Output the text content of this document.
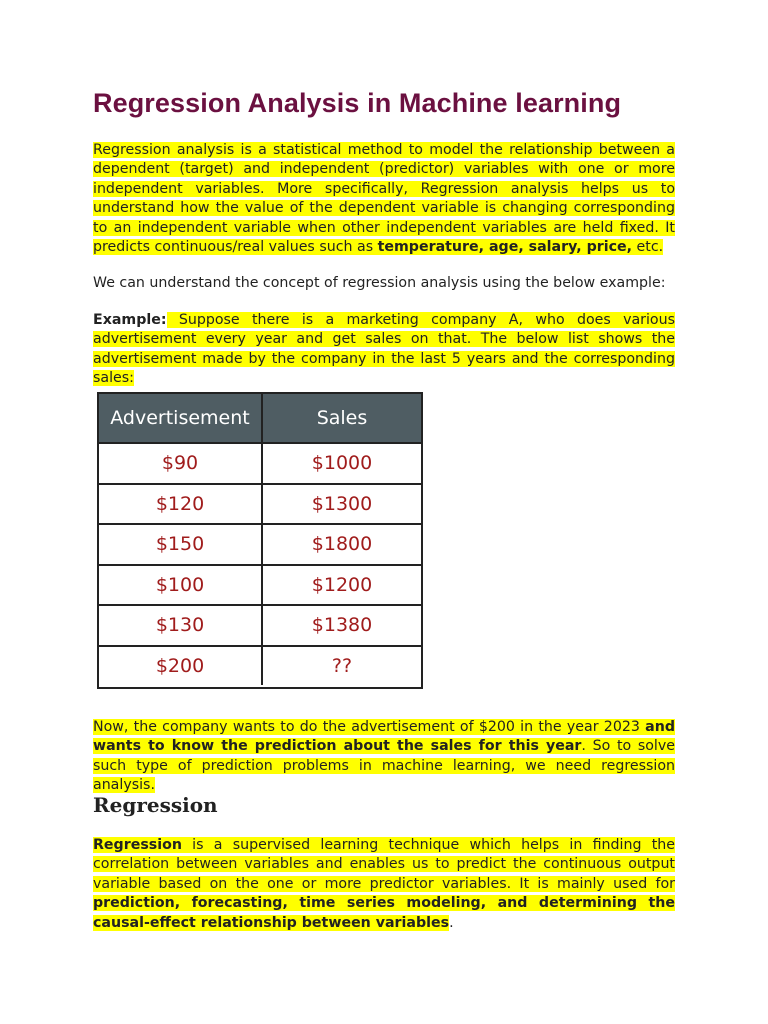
Regression Analysis in Machine learning

Regression analysis is a statistical method to model the relationship between a dependent (target) and independent (predictor) variables with one or more independent variables. More specifically, Regression analysis helps us to understand how the value of the dependent variable is changing corresponding to an independent variable when other independent variables are held fixed. It predicts continuous/real values such as temperature, age, salary, price, etc.

We can understand the concept of regression analysis using the below example:

Example: Suppose there is a marketing company A, who does various advertisement every year and get sales on that. The below list shows the advertisement made by the company in the last 5 years and the corresponding sales:

Advertisement	Sales
$90	$1000
$120	$1300
$150	$1800
$100	$1200
$130	$1380
$200	??

Now, the company wants to do the advertisement of $200 in the year 2023 and wants to know the prediction about the sales for this year. So to solve such type of prediction problems in machine learning, we need regression analysis.

Regression

Regression is a supervised learning technique which helps in finding the correlation between variables and enables us to predict the continuous output variable based on the one or more predictor variables. It is mainly used for prediction, forecasting, time series modeling, and determining the causal-effect relationship between variables.
